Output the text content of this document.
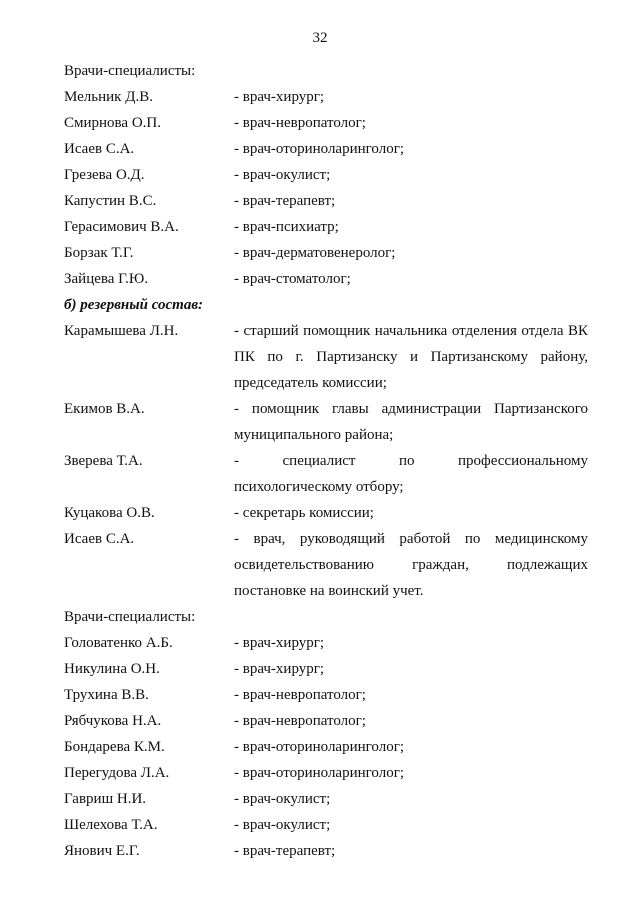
32
Врачи-специалисты:
Мельник Д.В.	- врач-хирург;
Смирнова О.П.	- врач-невропатолог;
Исаев С.А.	- врач-оториноларинголог;
Грезева О.Д.	- врач-окулист;
Капустин В.С.	- врач-терапевт;
Герасимович В.А.	- врач-психиатр;
Борзак Т.Г.	- врач-дерматовенеролог;
Зайцева Г.Ю.	- врач-стоматолог;
б) резервный состав:
Карамышева Л.Н.	- старший помощник начальника отделения отдела ВК
ПК по г. Партизанску и Партизанскому району,
председатель комиссии;
Екимов В.А.	- помощник главы администрации Партизанского
муниципального района;
Зверева Т.А.	- специалист по профессиональному
психологическому отбору;
Куцакова О.В.	- секретарь комиссии;
Исаев С.А.	- врач, руководящий работой по медицинскому
освидетельствованию граждан, подлежащих
постановке на воинский учет.
Врачи-специалисты:
Головатенко А.Б.	- врач-хирург;
Никулина О.Н.	- врач-хирург;
Трухина В.В.	- врач-невропатолог;
Рябчукова Н.А.	- врач-невропатолог;
Бондарева К.М.	- врач-оториноларинголог;
Перегудова Л.А.	- врач-оториноларинголог;
Гавриш Н.И.	- врач-окулист;
Шелехова Т.А.	- врач-окулист;
Янович Е.Г.	- врач-терапевт;
